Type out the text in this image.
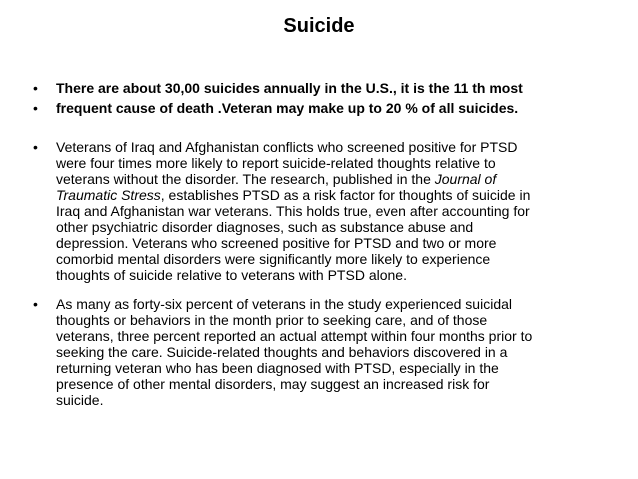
Suicide
•	There are about 30,00 suicides annually in the U.S., it is the 11 th most
•	frequent cause of death .Veteran may make up to 20 % of all suicides.
•	Veterans of Iraq and Afghanistan conflicts who screened positive for PTSD
were four times more likely to report suicide-related thoughts relative to
veterans without the disorder. The research, published in the Journal of
Traumatic Stress, establishes PTSD as a risk factor for thoughts of suicide in
Iraq and Afghanistan war veterans. This holds true, even after accounting for
other psychiatric disorder diagnoses, such as substance abuse and
depression. Veterans who screened positive for PTSD and two or more
comorbid mental disorders were significantly more likely to experience
thoughts of suicide relative to veterans with PTSD alone.
•	As many as forty-six percent of veterans in the study experienced suicidal
thoughts or behaviors in the month prior to seeking care, and of those
veterans, three percent reported an actual attempt within four months prior to
seeking the care. Suicide-related thoughts and behaviors discovered in a
returning veteran who has been diagnosed with PTSD, especially in the
presence of other mental disorders, may suggest an increased risk for
suicide.
